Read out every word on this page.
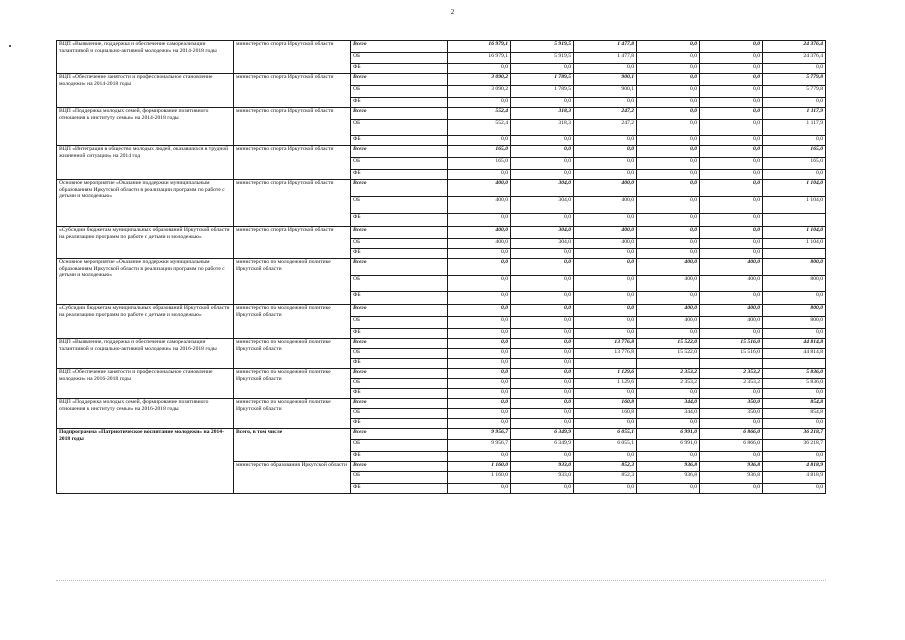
2
ВЦП «Выявление, поддержка и обеспечение самореализации талантливой и социально-активной молодежи» на 2014-2018 годы	министерство спорта Иркутской области	Всего	16 979,1	5 919,5	1 477,8	0,0	0,0	24 376,4
		ОБ	16 979,1	5 919,5	1 477,8	0,0	0,0	24 376,4
		ФБ	0,0	0,0	0,0	0,0	0,0	0,0
ВЦП «Обеспечение занятости и профессиональное становление молодежи» на 2014-2018 годы	министерство спорта Иркутской области	Всего	3 090,2	1 789,5	900,1	0,0	0,0	5 779,8
		ОБ	3 090,2	1 789,5	900,1	0,0	0,0	5 779,8
		ФБ	0,0	0,0	0,0	0,0	0,0	0,0
ВЦП «Поддержка молодых семей, формирование позитивного отношения к институту семьи» на 2014-2018 годы	министерство спорта Иркутской области	Всего	552,4	318,3	247,2	0,0	0,0	1 117,9
		ОБ	552,4	318,3	247,2	0,0	0,0	1 117,9
		ФБ	0,0	0,0	0,0	0,0	0,0	0,0
ВЦП «Интеграция в общество молодых людей, оказавшихся в трудной жизненной ситуации» на 2014 год	министерство спорта Иркутской области	Всего	165,0	0,0	0,0	0,0	0,0	165,0
		ОБ	165,0	0,0	0,0	0,0	0,0	165,0
		ФБ	0,0	0,0	0,0	0,0	0,0	0,0
Основное мероприятие «Оказание поддержки муниципальным образованиям Иркутской области в реализации программ по работе с детьми и молодежью»	министерство спорта Иркутской области	Всего	400,0	304,0	400,0	0,0	0,0	1 104,0
		ОБ	400,0	304,0	400,0	0,0	0,0	1 104,0
		ФБ	0,0	0,0	0,0	0,0	0,0	
«Субсидии бюджетам муниципальных образований Иркутской области на реализацию программ по работе с детьми и молодежью»	министерство спорта Иркутской области	Всего	400,0	304,0	400,0	0,0	0,0	1 104,0
		ОБ	400,0	304,0	400,0	0,0	0,0	1 104,0
		ФБ	0,0	0,0	0,0	0,0	0,0	
Основное мероприятие «Оказание поддержки муниципальным образованиям Иркутской области в реализации программ по работе с детьми и молодежью»	министерство по молодежной политике Иркутской области	Всего	0,0	0,0	0,0	400,0	400,0	800,0
		ОБ	0,0	0,0	0,0	400,0	400,0	800,0
		ФБ	0,0	0,0	0,0	0,0	0,0	0,0
«Субсидии бюджетам муниципальных образований Иркутской области на реализацию программ по работе с детьми и молодежью»	министерство по молодежной политике Иркутской области	Всего	0,0	0,0	0,0	400,0	400,0	800,0
		ОБ	0,0	0,0	0,0	400,0	400,0	800,0
		ФБ	0,0	0,0	0,0	0,0	0,0	0,0
ВЦП «Выявление, поддержка и обеспечение самореализации талантливой и социально-активной молодежи» на 2016-2018 годы	министерство по молодежной политике Иркутской области	Всего	0,0	0,0	13 776,8	15 522,0	15 516,0	44 814,8
		ОБ	0,0	0,0	13 776,8	15 522,0	15 516,0	44 814,8
		ФБ	0,0	0,0				
ВЦП «Обеспечение занятости и профессиональное становление молодежи» на 2016-2018 годы	министерство по молодежной политике Иркутской области	Всего	0,0	0,0	1 129,6	2 353,2	2 353,2	5 836,0
		ОБ	0,0	0,0	1 129,6	2 353,2	2 353,2	5 836,0
		ФБ	0,0	0,0	0,0	0,0	0,0	0,0
ВЦП «Поддержка молодых семей, формирование позитивного отношения к институту семьи» на 2016-2018 годы	министерство по молодежной политике Иркутской области	Всего	0,0	0,0	160,8	344,0	350,0	854,8
		ОБ	0,0	0,0	160,8	344,0	350,0	854,8
		ФБ	0,0	0,0	0,0	0,0	0,0	0,0
Подпрограмма «Патриотическое воспитание молодежи» на 2014-2018 годы	Всего, в том числе	Всего	9 956,7	6 349,9	6 055,1	6 991,0	6 866,0	36 218,7
		ОБ	9 956,7	6 349,9	6 055,1	6 991,0	6 866,0	36 218,7
		ФБ	0,0	0,0	0,0	0,0	0,0	0,0
	министерство образования Иркутской области	Всего	1 160,0	933,0	852,3	936,8	936,8	4 818,9
		ОБ	1 160,0	933,0	852,3	936,8	936,8	4 818,9
		ФБ	0,0	0,0	0,0	0,0	0,0	0,0
